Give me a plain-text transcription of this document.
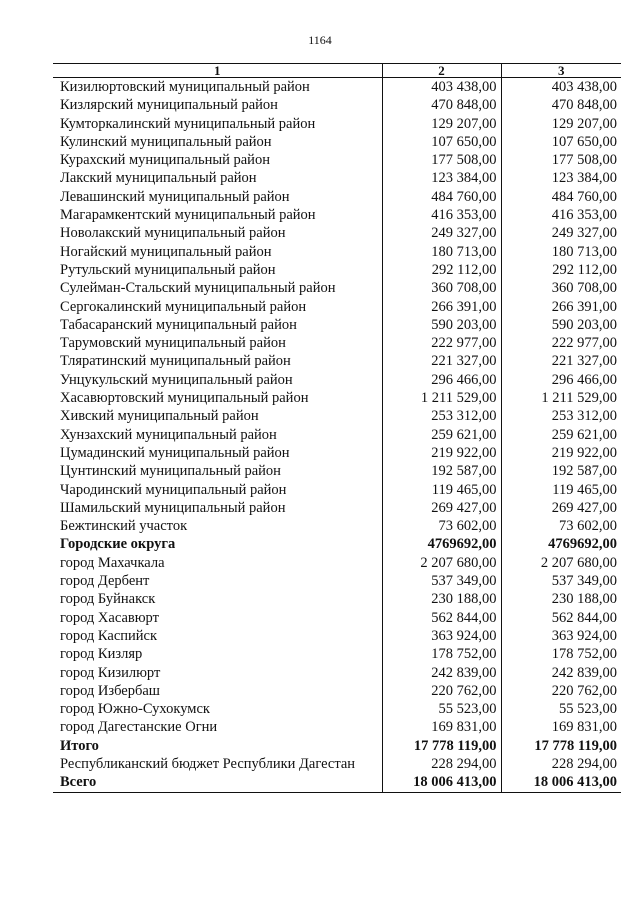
1164
1	2	3
Кизилюртовский муниципальный район	403 438,00	403 438,00
Кизлярский муниципальный район	470 848,00	470 848,00
Кумторкалинский муниципальный район	129 207,00	129 207,00
Кулинский муниципальный район	107 650,00	107 650,00
Курахский муниципальный район	177 508,00	177 508,00
Лакский муниципальный район	123 384,00	123 384,00
Левашинский муниципальный район	484 760,00	484 760,00
Магарамкентский муниципальный район	416 353,00	416 353,00
Новолакский муниципальный район	249 327,00	249 327,00
Ногайский муниципальный район	180 713,00	180 713,00
Рутульский муниципальный район	292 112,00	292 112,00
Сулейман-Стальский муниципальный район	360 708,00	360 708,00
Сергокалинский муниципальный район	266 391,00	266 391,00
Табасаранский муниципальный район	590 203,00	590 203,00
Тарумовский муниципальный район	222 977,00	222 977,00
Тляратинский муниципальный район	221 327,00	221 327,00
Унцукульский муниципальный район	296 466,00	296 466,00
Хасавюртовский муниципальный район	1 211 529,00	1 211 529,00
Хивский муниципальный район	253 312,00	253 312,00
Хунзахский муниципальный район	259 621,00	259 621,00
Цумадинский муниципальный район	219 922,00	219 922,00
Цунтинский муниципальный район	192 587,00	192 587,00
Чародинский муниципальный район	119 465,00	119 465,00
Шамильский муниципальный район	269 427,00	269 427,00
Бежтинский участок	73 602,00	73 602,00
Городские округа	4769692,00	4769692,00
город Махачкала	2 207 680,00	2 207 680,00
город Дербент	537 349,00	537 349,00
город Буйнакск	230 188,00	230 188,00
город Хасавюрт	562 844,00	562 844,00
город Каспийск	363 924,00	363 924,00
город Кизляр	178 752,00	178 752,00
город Кизилюрт	242 839,00	242 839,00
город Избербаш	220 762,00	220 762,00
город Южно-Сухокумск	55 523,00	55 523,00
город Дагестанские Огни	169 831,00	169 831,00
Итого	17 778 119,00	17 778 119,00
Республиканский бюджет Республики Дагестан	228 294,00	228 294,00
Всего	18 006 413,00	18 006 413,00
